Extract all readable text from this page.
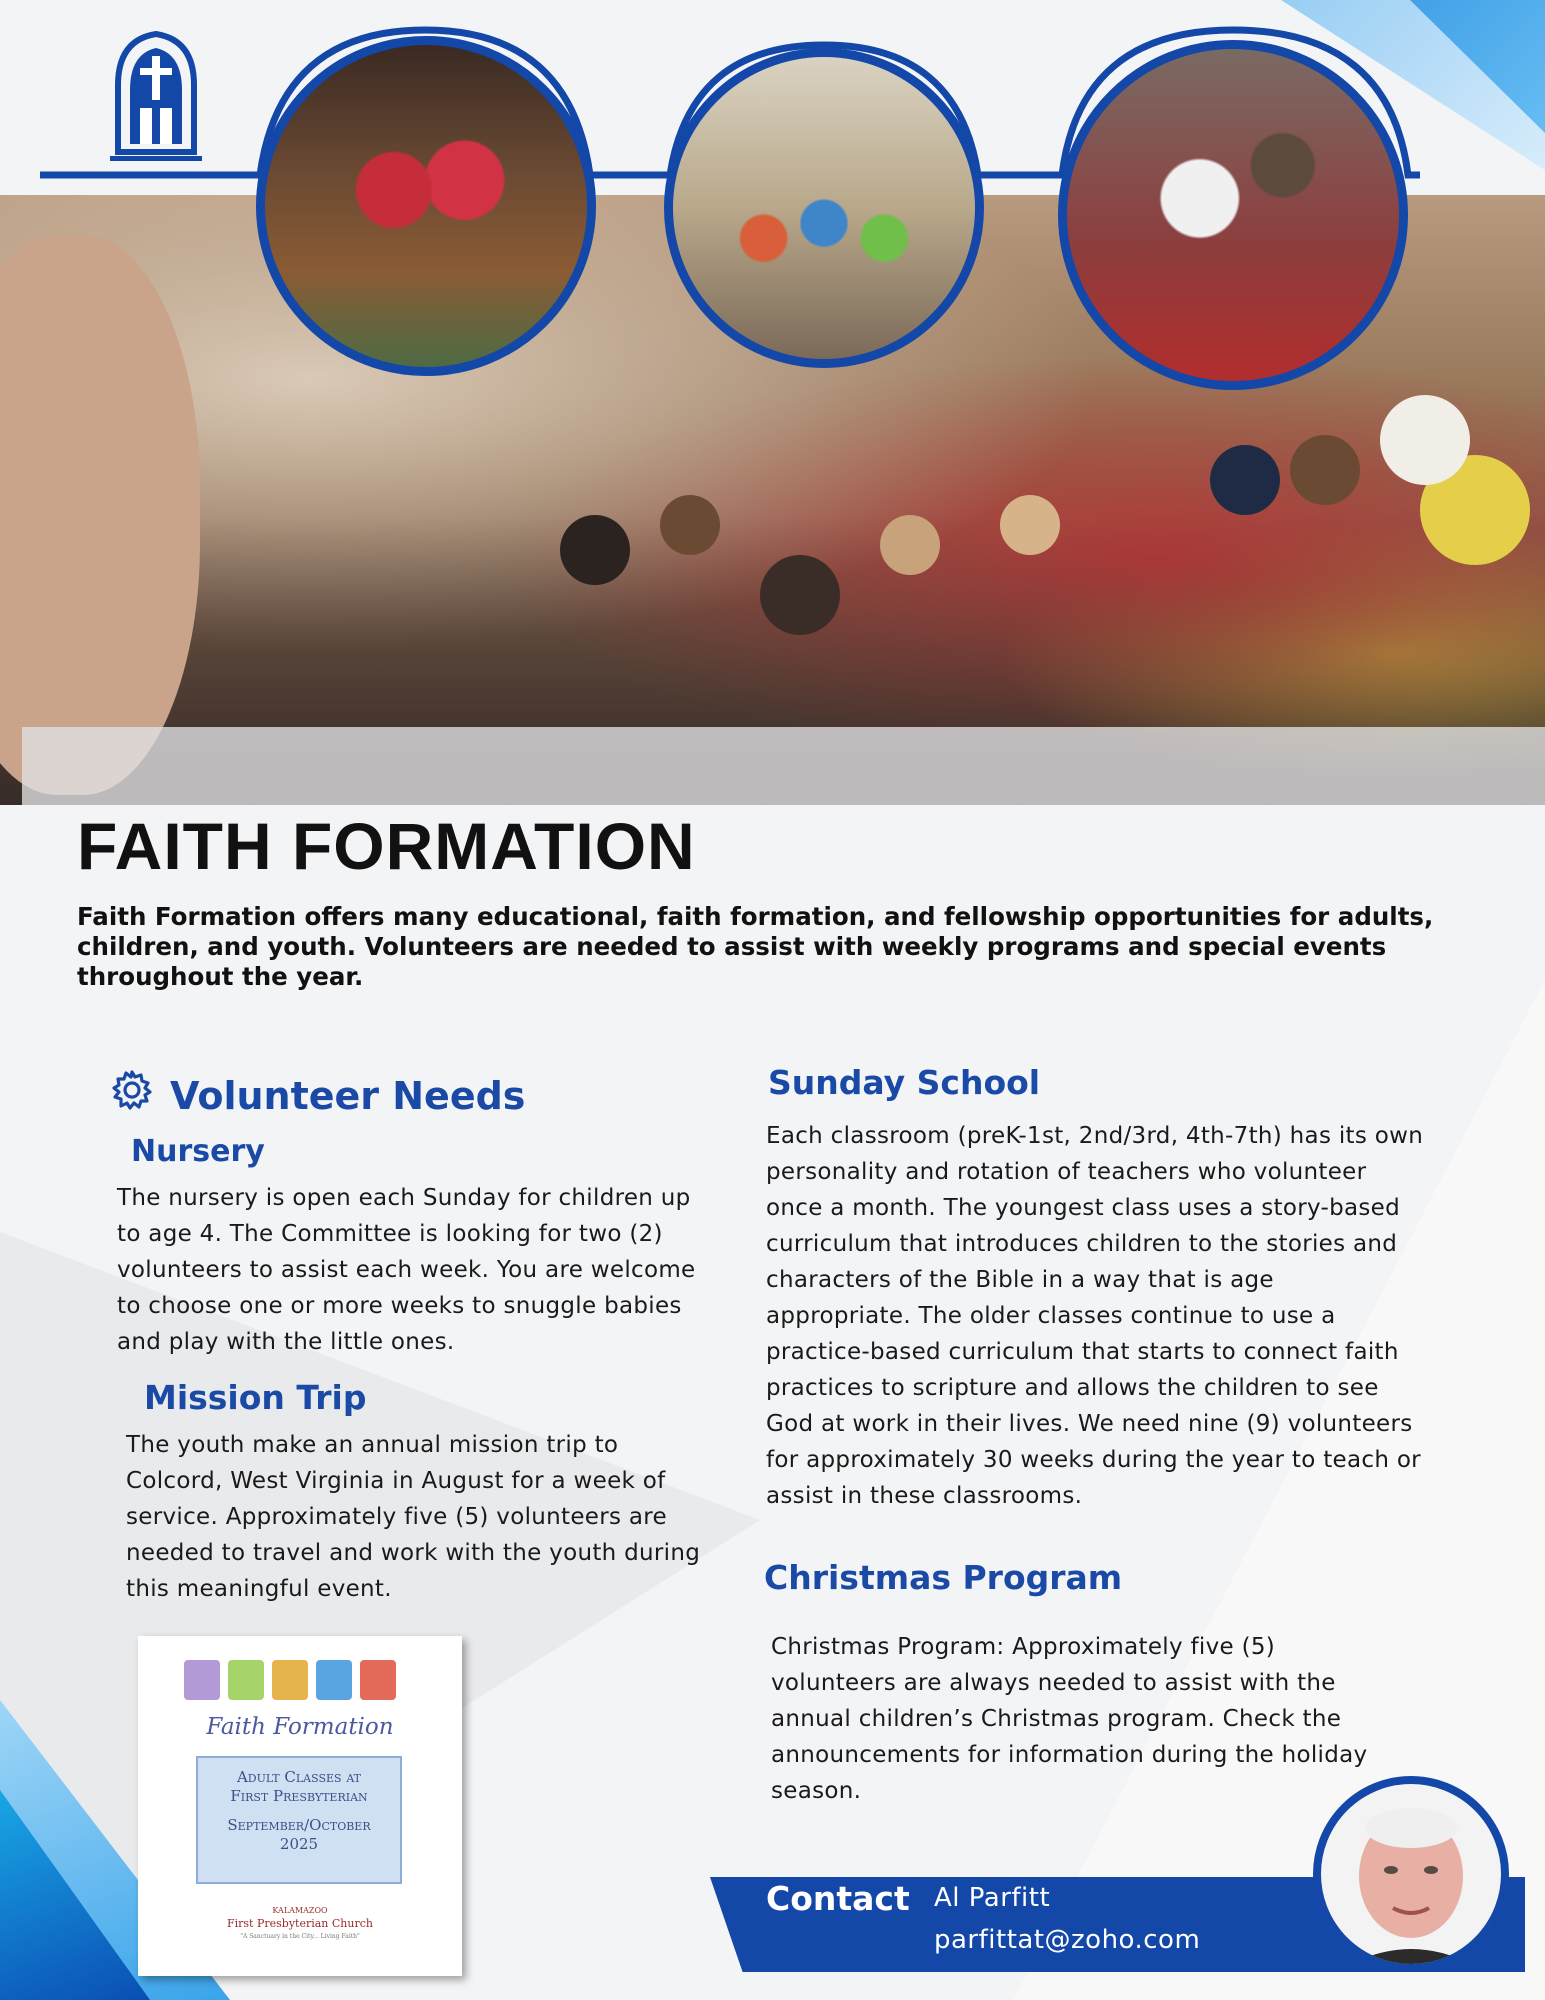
FAITH FORMATION

Faith Formation offers many educational, faith formation, and fellowship opportunities for adults, children, and youth. Volunteers are needed to assist with weekly programs and special events throughout the year.

Volunteer Needs
Nursery

The nursery is open each Sunday for children up to age 4. The Committee is looking for two (2) volunteers to assist each week. You are welcome to choose one or more weeks to snuggle babies and play with the little ones.

Mission Trip

The youth make an annual mission trip to Colcord, West Virginia in August for a week of service. Approximately five (5) volunteers are needed to travel and work with the youth during this meaningful event.

Faith Formation
Adult Classes at
First Presbyterian
September/October
2025
KALAMAZOO
First Presbyterian Church
"A Sanctuary in the City... Living Faith"
Sunday School

Each classroom (preK-1st, 2nd/3rd, 4th-7th) has its own personality and rotation of teachers who volunteer once a month. The youngest class uses a story-based curriculum that introduces children to the stories and characters of the Bible in a way that is age appropriate. The older classes continue to use a practice-based curriculum that starts to connect faith practices to scripture and allows the children to see God at work in their lives. We need nine (9) volunteers for approximately 30 weeks during the year to teach or assist in these classrooms.

Christmas Program

Christmas Program: Approximately five (5) volunteers are always needed to assist with the annual children’s Christmas program. Check the announcements for information during the holiday season.

Contact Al Parfitt
parfittat@zoho.com
